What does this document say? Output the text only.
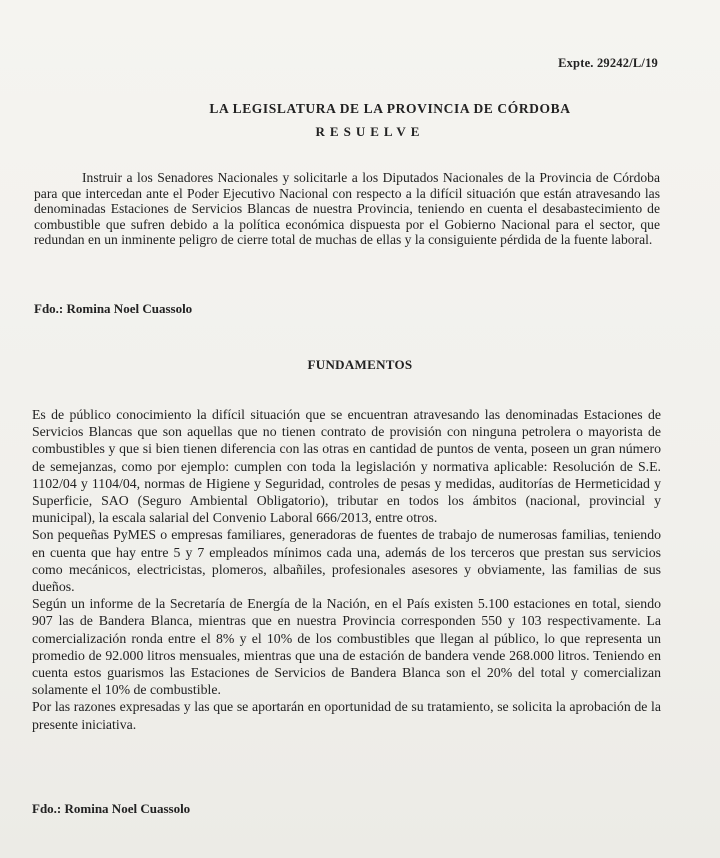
Expte. 29242/L/19
LA LEGISLATURA DE LA PROVINCIA DE CÓRDOBA
RESUELVE
Instruir a los Senadores Nacionales y solicitarle a los Diputados Nacionales de la Provincia de Córdoba para que intercedan ante el Poder Ejecutivo Nacional con respecto a la difícil situación que están atravesando las denominadas Estaciones de Servicios Blancas de nuestra Provincia, teniendo en cuenta el desabastecimiento de combustible que sufren debido a la política económica dispuesta por el Gobierno Nacional para el sector, que redundan en un inminente peligro de cierre total de muchas de ellas y la consiguiente pérdida de la fuente laboral.
Fdo.: Romina Noel Cuassolo
FUNDAMENTOS

Es de público conocimiento la difícil situación que se encuentran atravesando las denominadas Estaciones de Servicios Blancas que son aquellas que no tienen contrato de provisión con ninguna petrolera o mayorista de combustibles y que si bien tienen diferencia con las otras en cantidad de puntos de venta, poseen un gran número de semejanzas, como por ejemplo: cumplen con toda la legislación y normativa aplicable: Resolución de S.E. 1102/04 y 1104/04, normas de Higiene y Seguridad, controles de pesas y medidas, auditorías de Hermeticidad y Superficie, SAO (Seguro Ambiental Obligatorio), tributar en todos los ámbitos (nacional, provincial y municipal), la escala salarial del Convenio Laboral 666/2013, entre otros.

Son pequeñas PyMES o empresas familiares, generadoras de fuentes de trabajo de numerosas familias, teniendo en cuenta que hay entre 5 y 7 empleados mínimos cada una, además de los terceros que prestan sus servicios como mecánicos, electricistas, plomeros, albañiles, profesionales asesores y obviamente, las familias de sus dueños.

Según un informe de la Secretaría de Energía de la Nación, en el País existen 5.100 estaciones en total, siendo 907 las de Bandera Blanca, mientras que en nuestra Provincia corresponden 550 y 103 respectivamente. La comercialización ronda entre el 8% y el 10% de los combustibles que llegan al público, lo que representa un promedio de 92.000 litros mensuales, mientras que una de estación de bandera vende 268.000 litros. Teniendo en cuenta estos guarismos las Estaciones de Servicios de Bandera Blanca son el 20% del total y comercializan solamente el 10% de combustible.

Por las razones expresadas y las que se aportarán en oportunidad de su tratamiento, se solicita la aprobación de la presente iniciativa.

Fdo.: Romina Noel Cuassolo
